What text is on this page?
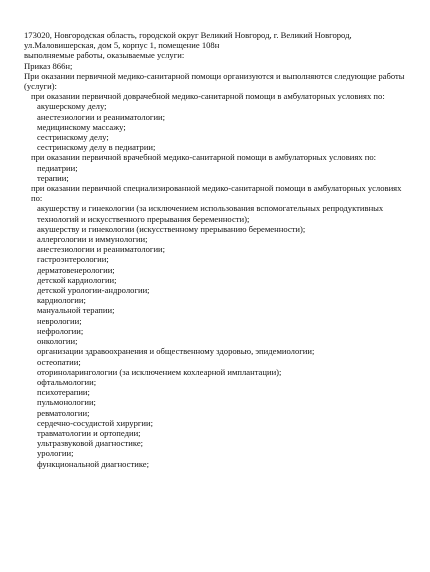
173020, Новгородская область, городской округ Великий Новгород, г. Великий Новгород,
ул.Маловишерская, дом 5, корпус 1, помещение 108н
выполняемые работы, оказываемые услуги:
Приказ 866н;
При оказании первичной медико-санитарной помощи организуются и выполняются следующие работы (услуги):
при оказании первичной доврачебной медико-санитарной помощи в амбулаторных условиях по:
акушерскому делу;
анестезиологии и реаниматологии;
медицинскому массажу;
сестринскому делу;
сестринскому делу в педиатрии;
при оказании первичной врачебной медико-санитарной помощи в амбулаторных условиях по:
педиатрии;
терапии;
при оказании первичной специализированной медико-санитарной помощи в амбулаторных условиях по:
акушерству и гинекологии (за исключением использования вспомогательных репродуктивных технологий и искусственного прерывания беременности);
акушерству и гинекологии (искусственному прерыванию беременности);
аллергологии и иммунологии;
анестезиологии и реаниматологии;
гастроэнтерологии;
дерматовенерологии;
детской кардиологии;
детской урологии-андрологии;
кардиологии;
мануальной терапии;
неврологии;
нефрологии;
онкологии;
организации здравоохранения и общественному здоровью, эпидемиологии;
остеопатии;
оториноларингологии (за исключением кохлеарной имплантации);
офтальмологии;
психотерапии;
пульмонологии;
ревматологии;
сердечно-сосудистой хирургии;
травматологии и ортопедии;
ультразвуковой диагностике;
урологии;
функциональной диагностике;
